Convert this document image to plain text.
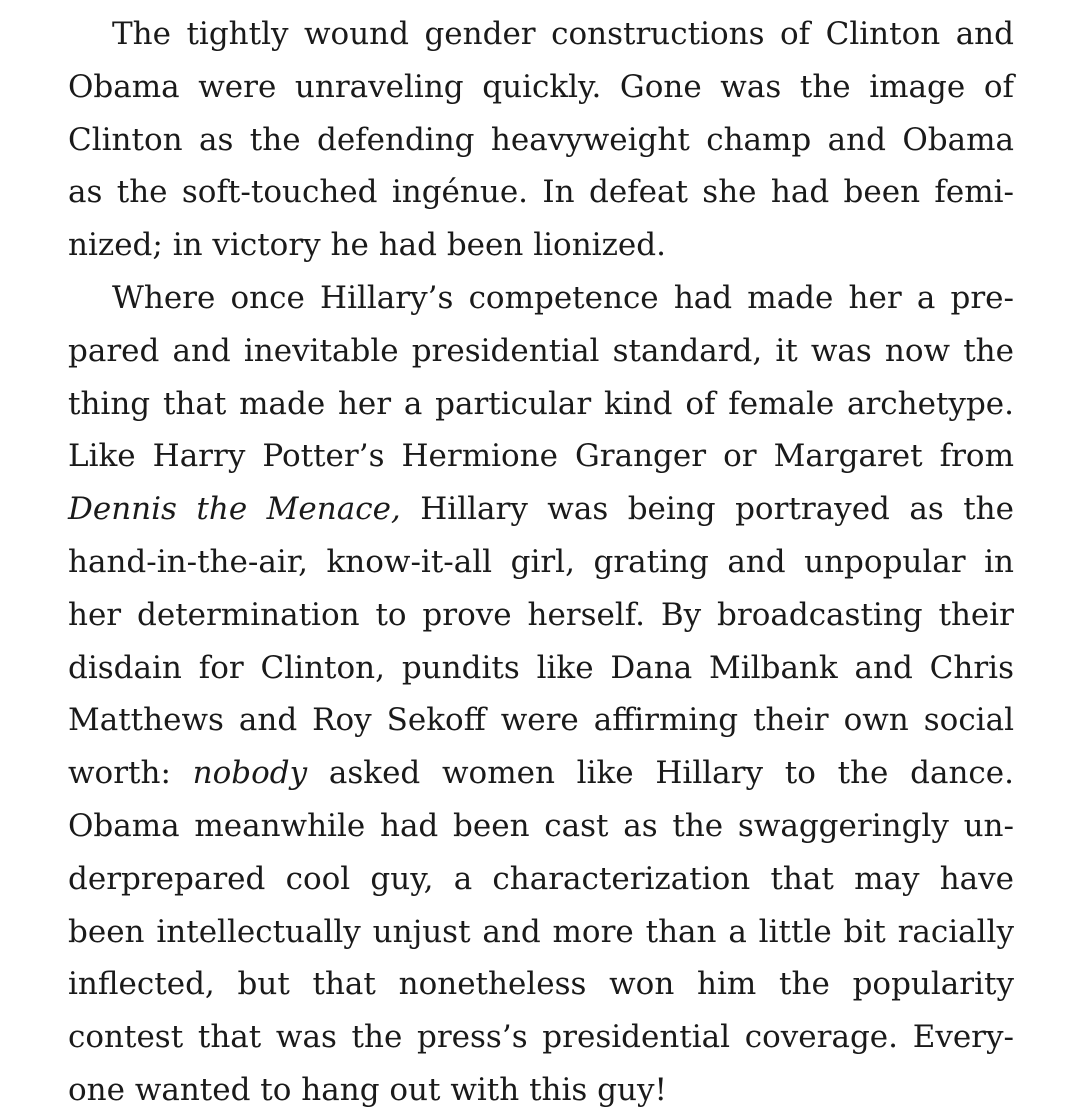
The tightly wound gender constructions of Clinton and
Obama were unraveling quickly. Gone was the image of
Clinton as the defending heavyweight champ and Obama
as the soft-touched ingénue. In defeat she had been femi-
nized; in victory he had been lionized.
Where once Hillary’s competence had made her a pre-
pared and inevitable presidential standard, it was now the
thing that made her a particular kind of female archetype.
Like Harry Potter’s Hermione Granger or Margaret from
Dennis the Menace, Hillary was being portrayed as the
hand-in-the-air, know-it-all girl, grating and unpopular in
her determination to prove herself. By broadcasting their
disdain for Clinton, pundits like Dana Milbank and Chris
Matthews and Roy Sekoff were affirming their own social
worth: nobody asked women like Hillary to the dance.
Obama meanwhile had been cast as the swaggeringly un-
derprepared cool guy, a characterization that may have
been intellectually unjust and more than a little bit racially
inflected, but that nonetheless won him the popularity
contest that was the press’s presidential coverage. Every-
one wanted to hang out with this guy!
